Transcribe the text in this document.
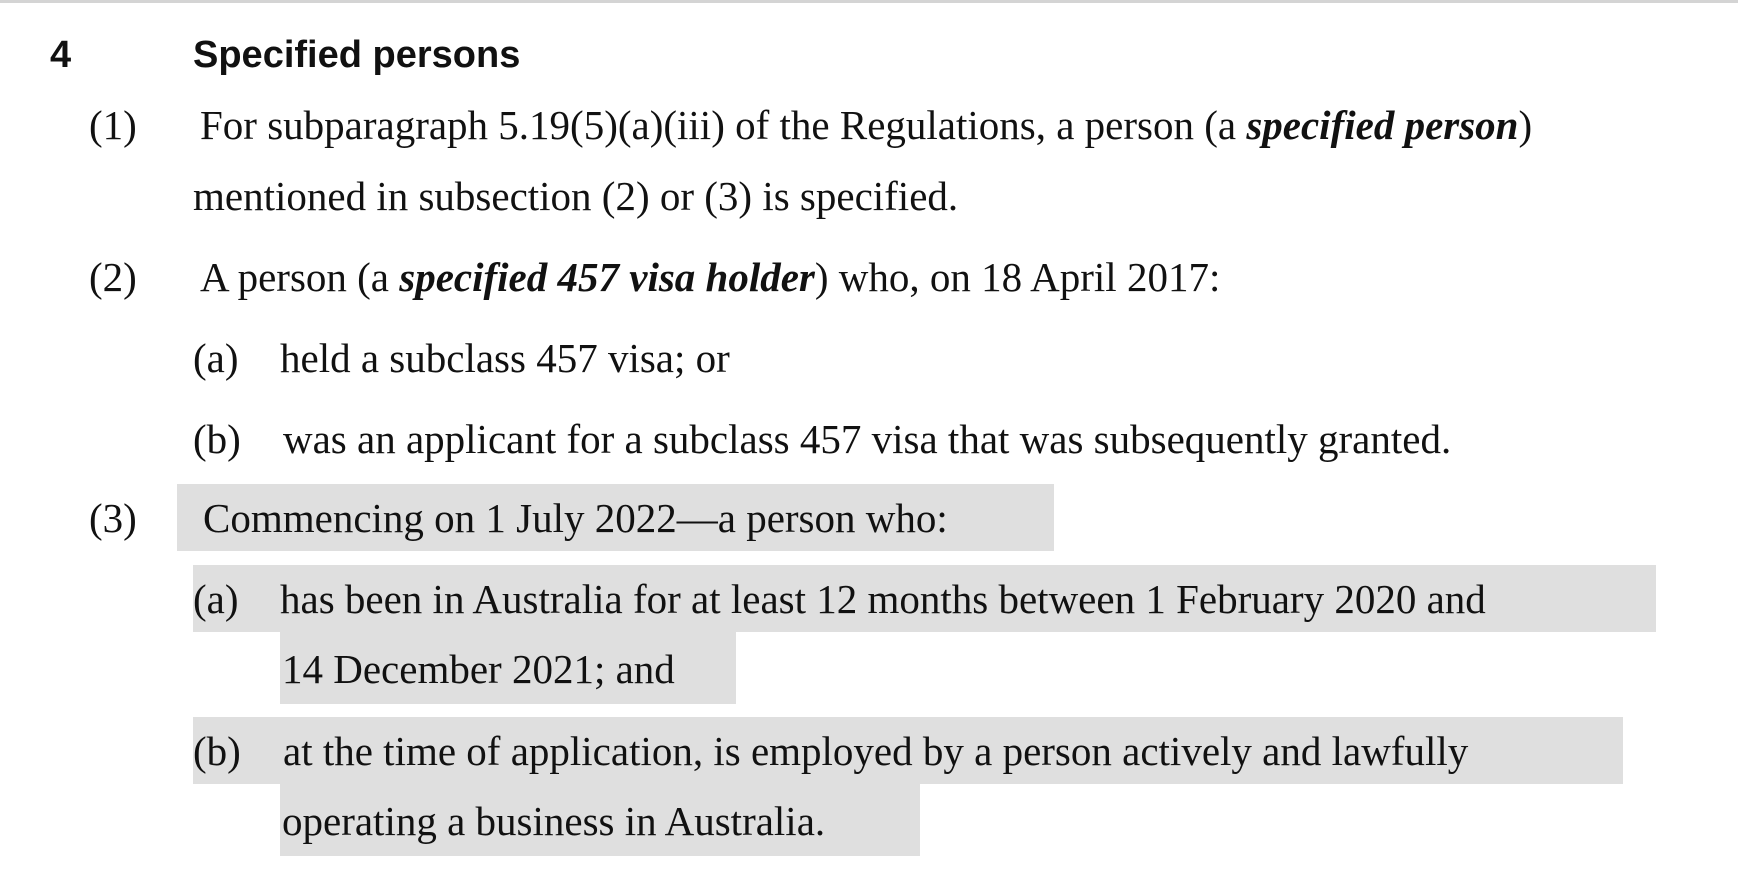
4	Specified persons
(1) For subparagraph 5.19(5)(a)(iii) of the Regulations, a person (a specified person)
mentioned in subsection (2) or (3) is specified.
(2) A person (a specified 457 visa holder) who, on 18 April 2017:
(a) held a subclass 457 visa; or
(b) was an applicant for a subclass 457 visa that was subsequently granted.
(3) Commencing on 1 July 2022—a person who:
(a) has been in Australia for at least 12 months between 1 February 2020 and
14 December 2021; and
(b) at the time of application, is employed by a person actively and lawfully
operating a business in Australia.
